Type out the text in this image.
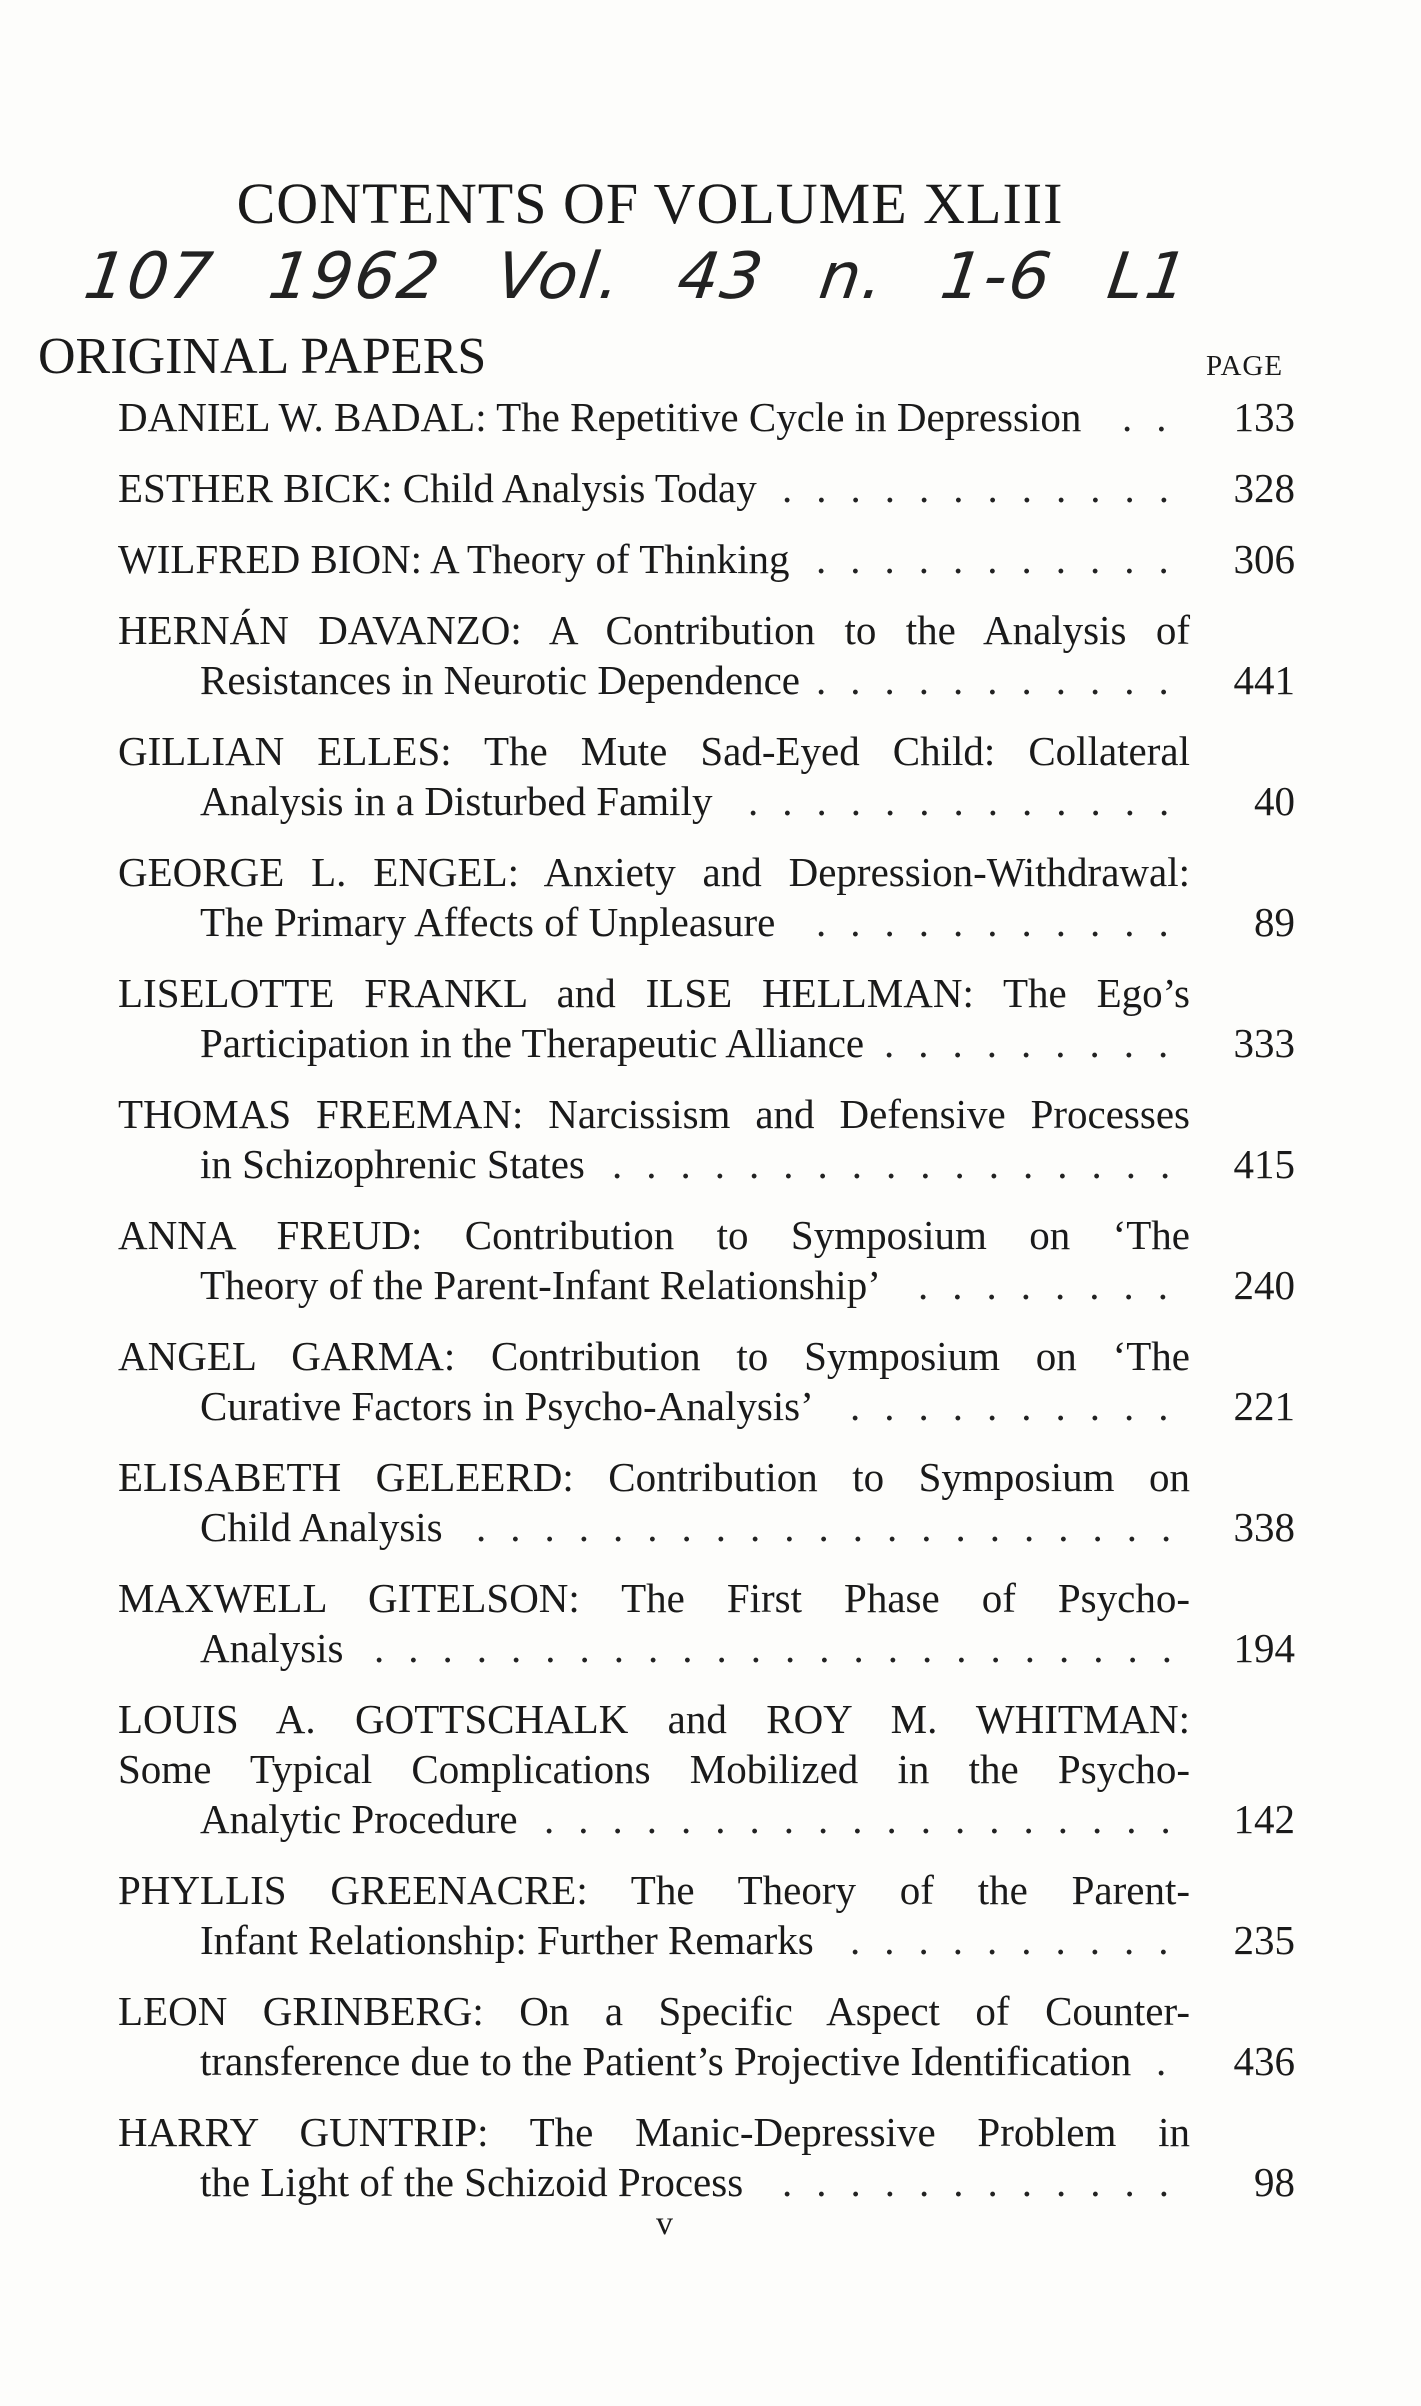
CONTENTS OF VOLUME XLIII
107 1962 Vol. 43 n. 1-6 L1
ORIGINAL PAPERS	PAGE
DANIEL W. BADAL: The Repetitive Cycle in Depression .. 133
ESTHER BICK: Child Analysis Today ............ 328
WILFRED BION: A Theory of Thinking ........... 306
HERNÁN DAVANZO: A Contribution to the Analysis of
Resistances in Neurotic Dependence ........... 441
GILLIAN ELLES: The Mute Sad-Eyed Child: Collateral
Analysis in a Disturbed Family ............. 40
GEORGE L. ENGEL: Anxiety and Depression-Withdrawal:
The Primary Affects of Unpleasure ........... 89
LISELOTTE FRANKL and ILSE HELLMAN: The Ego’s
Participation in the Therapeutic Alliance ......... 333
THOMAS FREEMAN: Narcissism and Defensive Processes
in Schizophrenic States ................. 415
ANNA FREUD: Contribution to Symposium on ‘The
Theory of the Parent-Infant Relationship’ ........ 240
ANGEL GARMA: Contribution to Symposium on ‘The
Curative Factors in Psycho-Analysis’ .......... 221
ELISABETH GELEERD: Contribution to Symposium on
Child Analysis ..................... 338
MAXWELL GITELSON: The First Phase of Psycho-
Analysis ........................ 194
LOUIS A. GOTTSCHALK and ROY M. WHITMAN:
Some Typical Complications Mobilized in the Psycho-
Analytic Procedure ................... 142
PHYLLIS GREENACRE: The Theory of the Parent-
Infant Relationship: Further Remarks .......... 235
LEON GRINBERG: On a Specific Aspect of Counter-
transference due to the Patient’s Projective Identification . 436
HARRY GUNTRIP: The Manic-Depressive Problem in
the Light of the Schizoid Process ............ 98
v
